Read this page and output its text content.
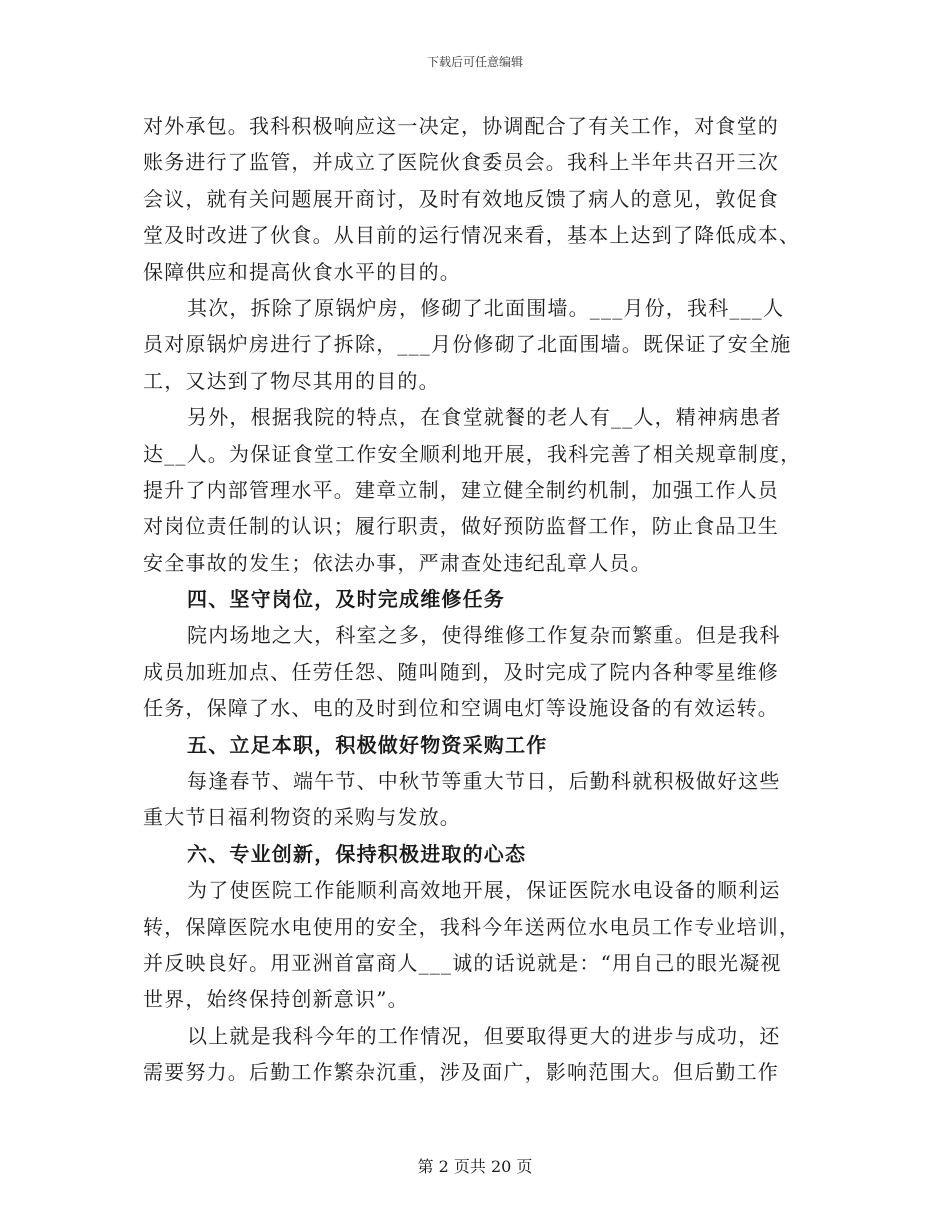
下载后可任意编辑
对外承包。我科积极响应这一决定，协调配合了有关工作，对食堂的
账务进行了监管，并成立了医院伙食委员会。我科上半年共召开三次
会议，就有关问题展开商讨，及时有效地反馈了病人的意见，敦促食
堂及时改进了伙食。从目前的运行情况来看，基本上达到了降低成本、
保障供应和提高伙食水平的目的。
其次，拆除了原锅炉房，修砌了北面围墙。___月份，我科___人
员对原锅炉房进行了拆除，___月份修砌了北面围墙。既保证了安全施
工，又达到了物尽其用的目的。
另外，根据我院的特点，在食堂就餐的老人有__人，精神病患者
达__人。为保证食堂工作安全顺利地开展，我科完善了相关规章制度，
提升了内部管理水平。建章立制，建立健全制约机制，加强工作人员
对岗位责任制的认识；履行职责，做好预防监督工作，防止食品卫生
安全事故的发生；依法办事，严肃查处违纪乱章人员。
四、坚守岗位，及时完成维修任务
院内场地之大，科室之多，使得维修工作复杂而繁重。但是我科
成员加班加点、任劳任怨、随叫随到，及时完成了院内各种零星维修
任务，保障了水、电的及时到位和空调电灯等设施设备的有效运转。
五、立足本职，积极做好物资采购工作
每逢春节、端午节、中秋节等重大节日，后勤科就积极做好这些
重大节日福利物资的采购与发放。
六、专业创新，保持积极进取的心态
为了使医院工作能顺利高效地开展，保证医院水电设备的顺利运
转，保障医院水电使用的安全，我科今年送两位水电员工作专业培训，
并反映良好。用亚洲首富商人___诚的话说就是：“用自己的眼光凝视
世界，始终保持创新意识”。
以上就是我科今年的工作情况，但要取得更大的进步与成功，还
需要努力。后勤工作繁杂沉重，涉及面广，影响范围大。但后勤工作
第 2 页共 20 页
